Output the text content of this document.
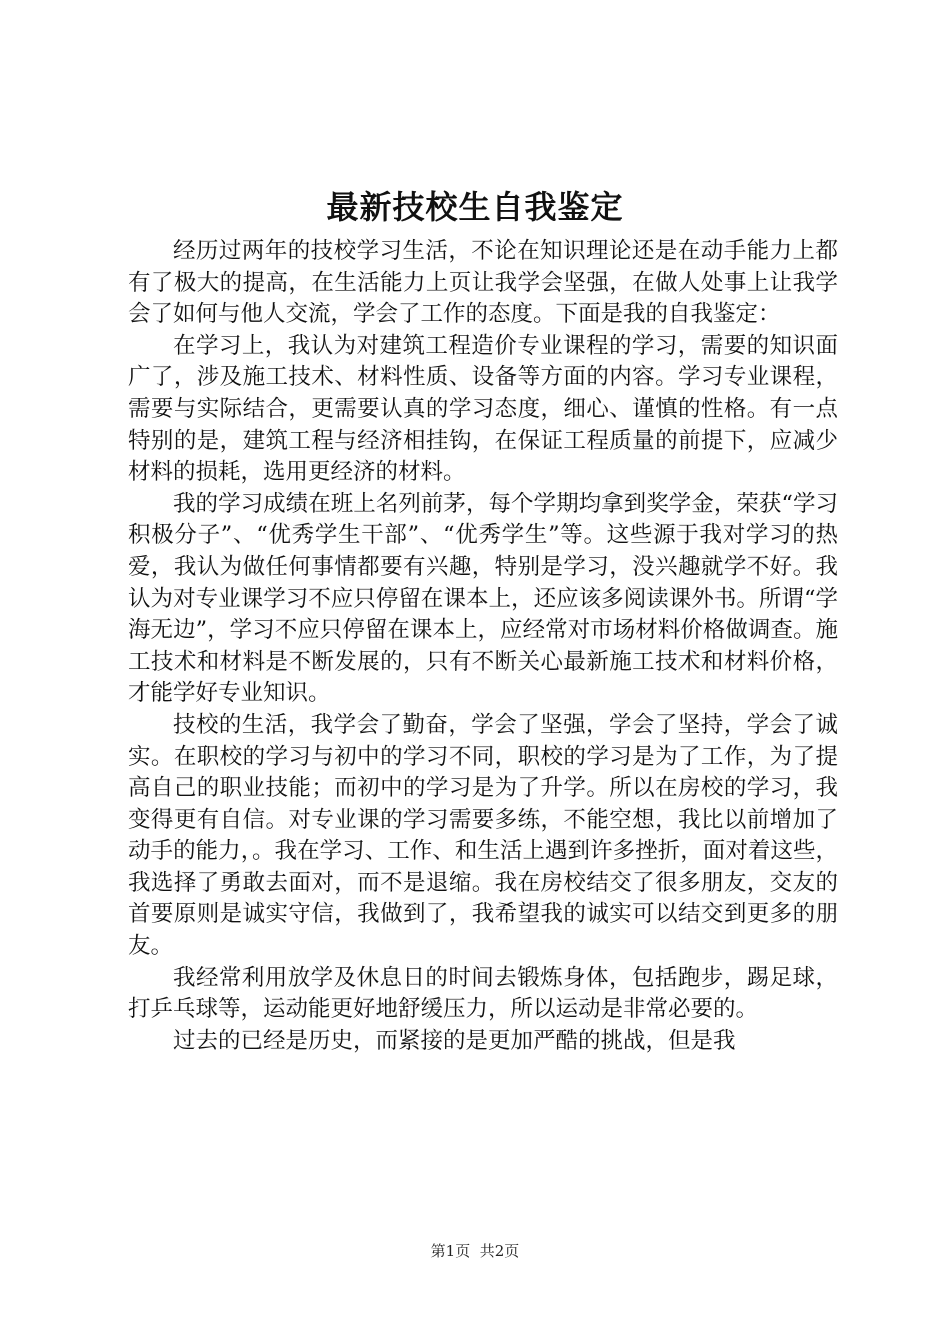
最新技校生自我鉴定

经历过两年的技校学习生活，不论在知识理论还是在动手能力上都有了极大的提高，在生活能力上页让我学会坚强，在做人处事上让我学会了如何与他人交流，学会了工作的态度。下面是我的自我鉴定：

在学习上，我认为对建筑工程造价专业课程的学习，需要的知识面广了，涉及施工技术、材料性质、设备等方面的内容。学习专业课程，需要与实际结合，更需要认真的学习态度，细心、谨慎的性格。有一点特别的是，建筑工程与经济相挂钩，在保证工程质量的前提下，应减少材料的损耗，选用更经济的材料。

我的学习成绩在班上名列前茅，每个学期均拿到奖学金，荣获“学习积极分子”、“优秀学生干部”、“优秀学生”等。这些源于我对学习的热爱，我认为做任何事情都要有兴趣，特别是学习，没兴趣就学不好。我认为对专业课学习不应只停留在课本上，还应该多阅读课外书。所谓“学海无边”，学习不应只停留在课本上，应经常对市场材料价格做调查。施工技术和材料是不断发展的，只有不断关心最新施工技术和材料价格，才能学好专业知识。

技校的生活，我学会了勤奋，学会了坚强，学会了坚持，学会了诚实。在职校的学习与初中的学习不同，职校的学习是为了工作，为了提高自己的职业技能；而初中的学习是为了升学。所以在房校的学习，我变得更有自信。对专业课的学习需要多练，不能空想，我比以前增加了动手的能力，。我在学习、工作、和生活上遇到许多挫折，面对着这些，我选择了勇敢去面对，而不是退缩。我在房校结交了很多朋友，交友的首要原则是诚实守信，我做到了，我希望我的诚实可以结交到更多的朋友。

我经常利用放学及休息日的时间去锻炼身体，包括跑步，踢足球，打乒乓球等，运动能更好地舒缓压力，所以运动是非常必要的。

过去的已经是历史，而紧接的是更加严酷的挑战，但是我

第1页 共2页
